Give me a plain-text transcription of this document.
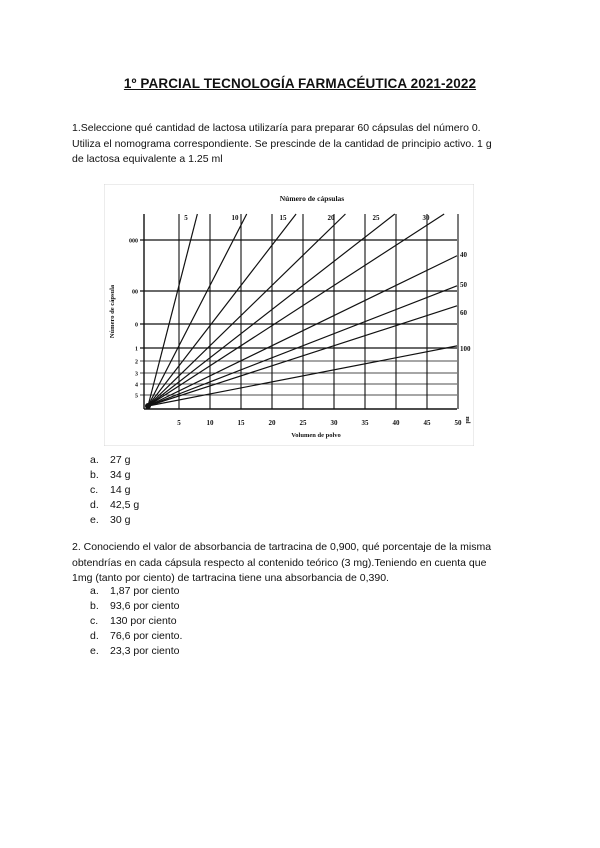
1º PARCIAL TECNOLOGÍA FARMACÉUTICA 2021-2022

1.Seleccione qué cantidad de lactosa utilizaría para preparar 60 cápsulas del número 0.
Utiliza el nomograma correspondiente. Se prescinde de la cantidad de principio activo. 1 g
de lactosa equivalente a 1.25 ml

Número de cápsulas
Número de cápsula
Volumen de polvo
ml
5	10	15	20	25	30	35	40	45	50
000
00
0
1
2
3
4
5
5	10	15	20	25	30
40
50
60
100
a.	27 g
b.	34 g
c.	14 g
d.	42,5 g
e.	30 g

2. Conociendo el valor de absorbancia de tartracina de 0,900, qué porcentaje de la misma
obtendrías en cada cápsula respecto al contenido teórico (3 mg).Teniendo en cuenta que
1mg (tanto por ciento) de tartracina tiene una absorbancia de 0,390.

a.	1,87 por ciento
b.	93,6 por ciento
c.	130 por ciento
d.	76,6 por ciento.
e.	23,3 por ciento
